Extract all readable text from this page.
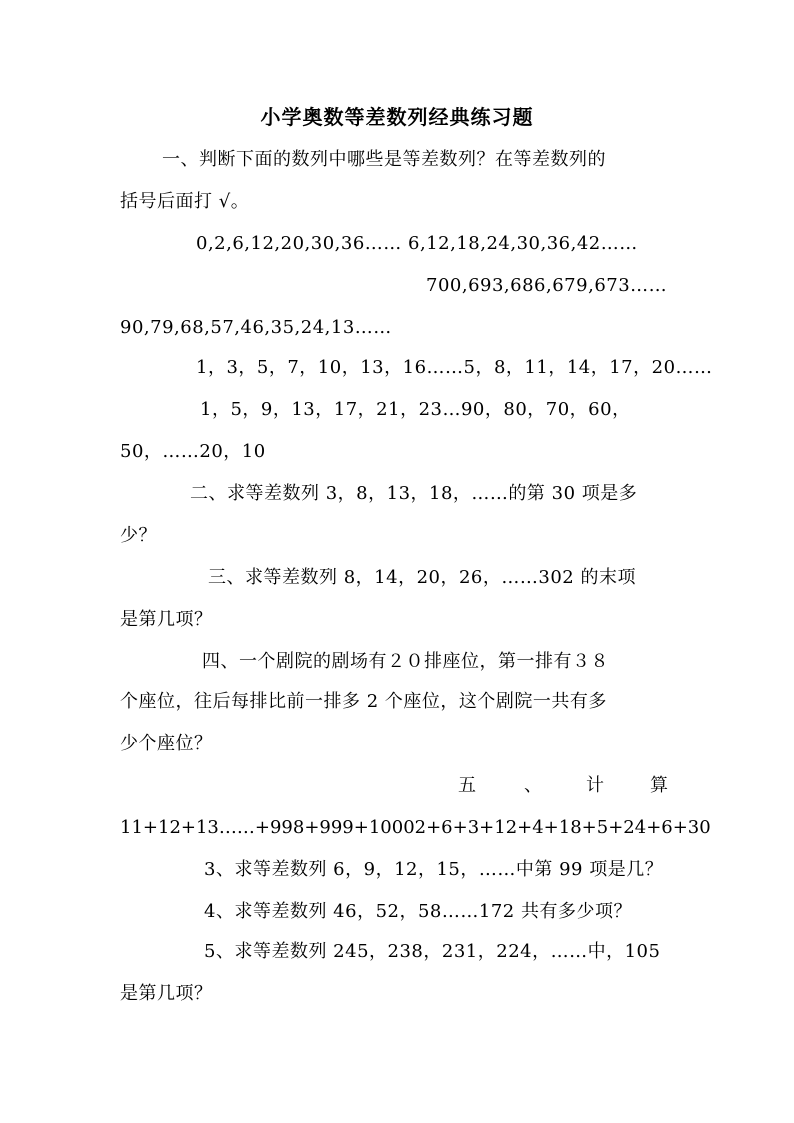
小学奥数等差数列经典练习题
一、判断下面的数列中哪些是等差数列？在等差数列的
括号后面打 √。
0,2,6,12,20,30,36…… 6,12,18,24,30,36,42……
700,693,686,679,673……
90,79,68,57,46,35,24,13……
1，3，5，7，10，13，16……5，8，11，14，17，20……
1，5，9，13，17，21，23…90，80，70，60，
50，……20，10
二、求等差数列 3，8，13，18，……的第 30 项是多
少？
三、求等差数列 8，14，20，26，……302 的末项
是第几项？
四、一个剧院的剧场有２０排座位，第一排有３８
个座位，往后每排比前一排多 2 个座位，这个剧院一共有多
少个座位？
五	、 计	算
11+12+13……+998+999+10002+6+3+12+4+18+5+24+6+30
3、求等差数列 6，9，12，15，……中第 99 项是几？
4、求等差数列 46，52，58……172 共有多少项？
5、求等差数列 245，238，231，224，……中，105
是第几项？
